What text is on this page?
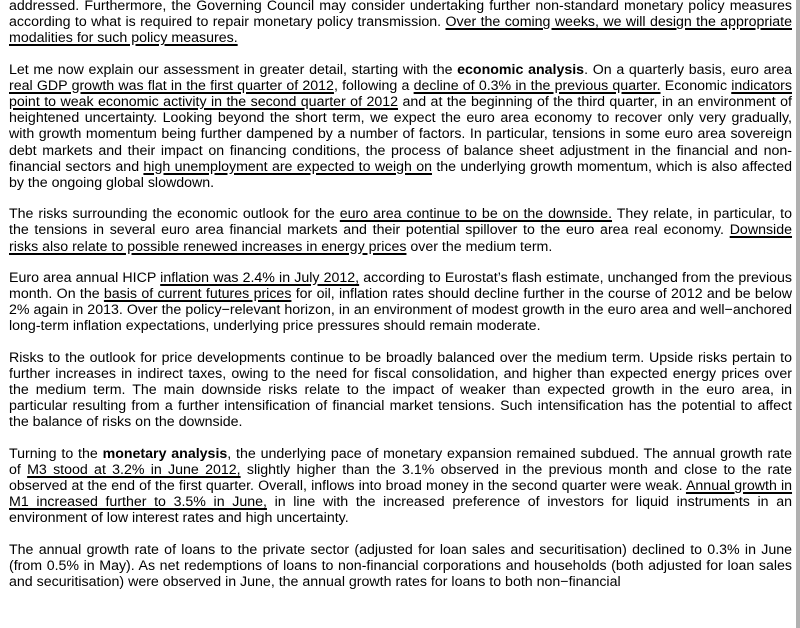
addressed. Furthermore, the Governing Council may consider undertaking further non-standard monetary policy measures according to what is required to repair monetary policy transmission. Over the coming weeks, we will design the appropriate modalities for such policy measures.

Let me now explain our assessment in greater detail, starting with the economic analysis. On a quarterly basis, euro area real GDP growth was flat in the first quarter of 2012, following a decline of 0.3% in the previous quarter. Economic indicators point to weak economic activity in the second quarter of 2012 and at the beginning of the third quarter, in an environment of heightened uncertainty. Looking beyond the short term, we expect the euro area economy to recover only very gradually, with growth momentum being further dampened by a number of factors. In particular, tensions in some euro area sovereign debt markets and their impact on financing conditions, the process of balance sheet adjustment in the financial and non-financial sectors and high unemployment are expected to weigh on the underlying growth momentum, which is also affected by the ongoing global slowdown.

The risks surrounding the economic outlook for the euro area continue to be on the downside. They relate, in particular, to the tensions in several euro area financial markets and their potential spillover to the euro area real economy. Downside risks also relate to possible renewed increases in energy prices over the medium term.

Euro area annual HICP inflation was 2.4% in July 2012, according to Eurostat’s flash estimate, unchanged from the previous month. On the basis of current futures prices for oil, inflation rates should decline further in the course of 2012 and be below 2% again in 2013. Over the policy−relevant horizon, in an environment of modest growth in the euro area and well−anchored long-term inflation expectations, underlying price pressures should remain moderate.

Risks to the outlook for price developments continue to be broadly balanced over the medium term. Upside risks pertain to further increases in indirect taxes, owing to the need for fiscal consolidation, and higher than expected energy prices over the medium term. The main downside risks relate to the impact of weaker than expected growth in the euro area, in particular resulting from a further intensification of financial market tensions. Such intensification has the potential to affect the balance of risks on the downside.

Turning to the monetary analysis, the underlying pace of monetary expansion remained subdued. The annual growth rate of M3 stood at 3.2% in June 2012, slightly higher than the 3.1% observed in the previous month and close to the rate observed at the end of the first quarter. Overall, inflows into broad money in the second quarter were weak. Annual growth in M1 increased further to 3.5% in June, in line with the increased preference of investors for liquid instruments in an environment of low interest rates and high uncertainty.

The annual growth rate of loans to the private sector (adjusted for loan sales and securitisation) declined to 0.3% in June (from 0.5% in May). As net redemptions of loans to non-financial corporations and households (both adjusted for loan sales and securitisation) were observed in June, the annual growth rates for loans to both non−financial
